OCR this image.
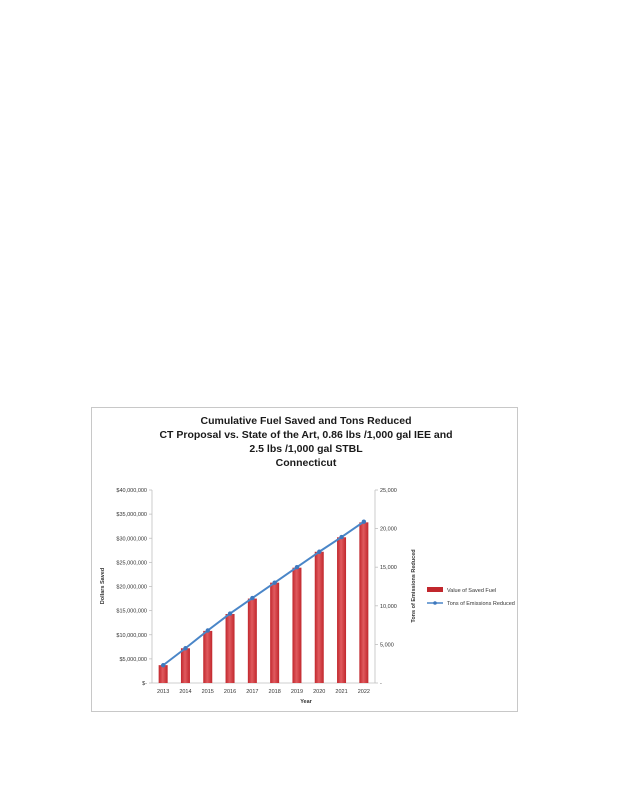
Cumulative Fuel Saved and Tons Reduced
CT Proposal vs. State of the Art, 0.86 lbs /1,000 gal IEE and
2.5 lbs /1,000 gal STBL
Connecticut
$40,000,000
$35,000,000
$30,000,000
$25,000,000
$20,000,000
$15,000,000
$10,000,000
$5,000,000
$-
25,000
20,000
15,000
10,000
5,000
-
2013 2014 2015 2016 2017 2018 2019 2020 2021 2022
Year
Dollars Saved	Tons of Emissions Reduced	Value of Saved Fuel
Tons of Emissions Reduced
